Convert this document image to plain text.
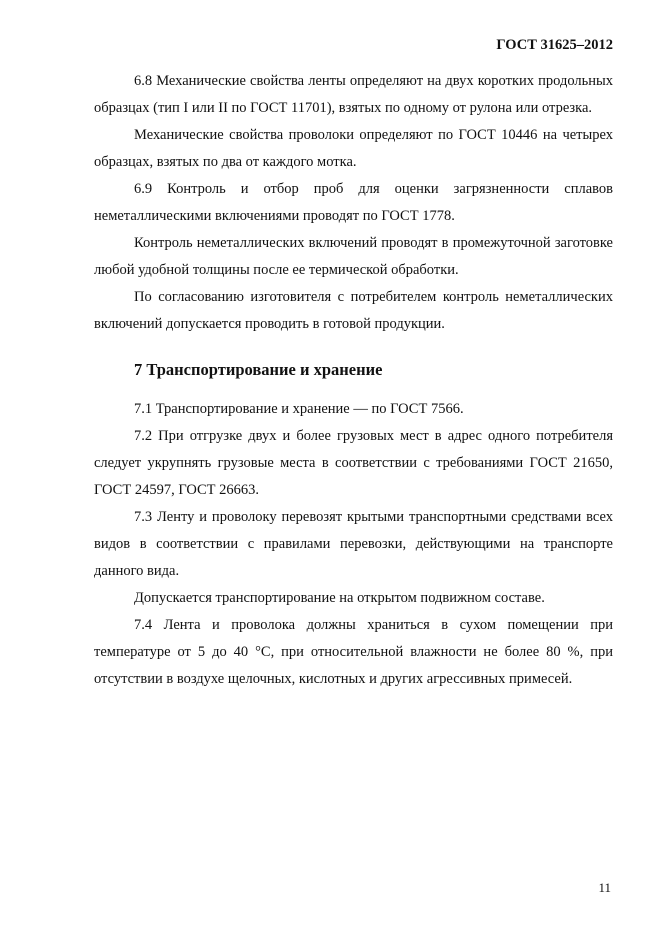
ГОСТ 31625–2012

6.8 Механические свойства ленты определяют на двух коротких продольных образцах (тип I или II по ГОСТ 11701), взятых по одному от рулона или отрезка.

Механические свойства проволоки определяют по ГОСТ 10446 на четырех образцах, взятых по два от каждого мотка.

6.9 Контроль и отбор проб для оценки загрязненности сплавов неметаллическими включениями проводят по ГОСТ 1778.

Контроль неметаллических включений проводят в промежуточной заготовке любой удобной толщины после ее термической обработки.

По согласованию изготовителя с потребителем контроль неметаллических включений допускается проводить в готовой продукции.

7 Транспортирование и хранение

7.1 Транспортирование и хранение — по ГОСТ 7566.

7.2 При отгрузке двух и более грузовых мест в адрес одного потребителя следует укрупнять грузовые места в соответствии с требованиями ГОСТ 21650, ГОСТ 24597, ГОСТ 26663.

7.3 Ленту и проволоку перевозят крытыми транспортными средствами всех видов в соответствии с правилами перевозки, действующими на транспорте данного вида.

Допускается транспортирование на открытом подвижном составе.

7.4 Лента и проволока должны храниться в сухом помещении при температуре от 5 до 40 °С, при относительной влажности не более 80 %, при отсутствии в воздухе щелочных, кислотных и других агрессивных примесей.

11
